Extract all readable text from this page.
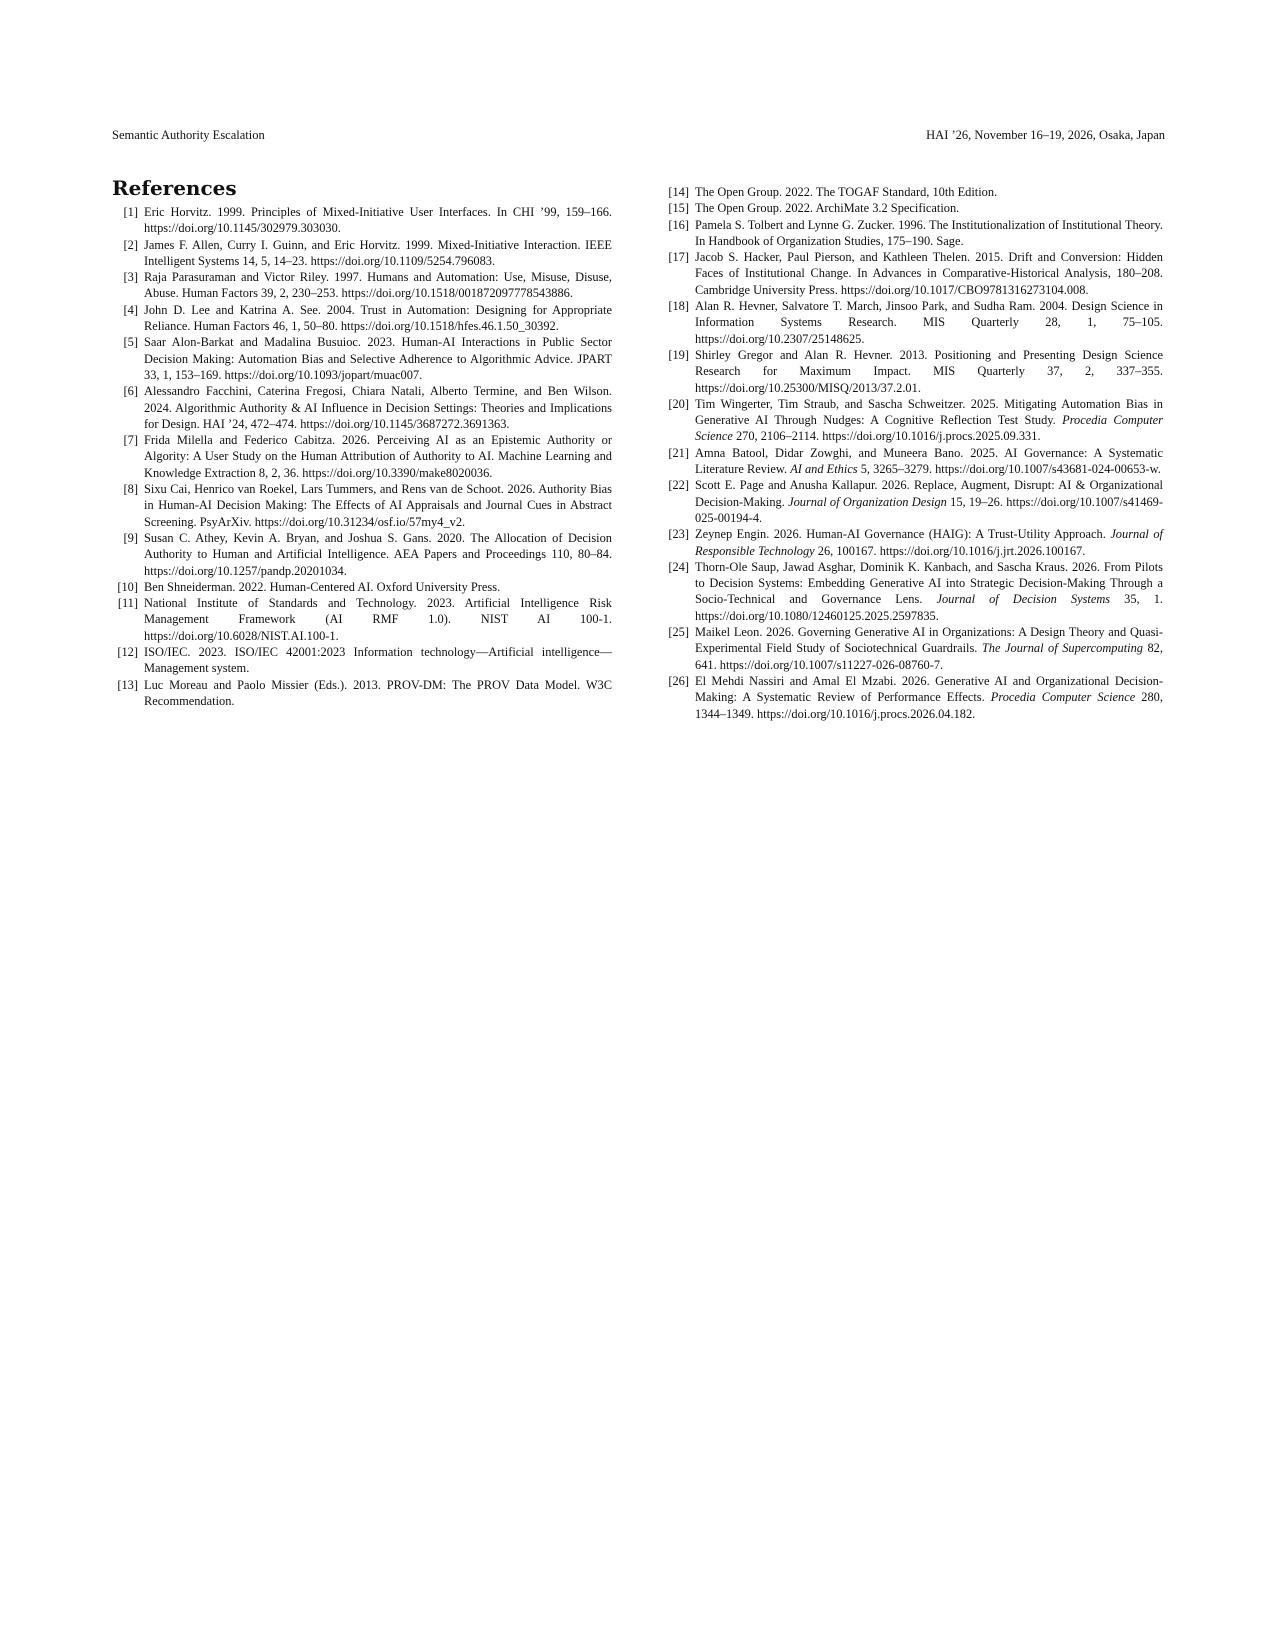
Semantic Authority Escalation	HAI ’26, November 16–19, 2026, Osaka, Japan
References
[1] Eric Horvitz. 1999. Principles of Mixed-Initiative User Interfaces. In CHI ’99, 159–166. https://doi.org/10.1145/302979.303030.
[2] James F. Allen, Curry I. Guinn, and Eric Horvitz. 1999. Mixed-Initiative Interaction. IEEE Intelligent Systems 14, 5, 14–23. https://doi.org/10.1109/5254.796083.
[3] Raja Parasuraman and Victor Riley. 1997. Humans and Automation: Use, Misuse, Disuse, Abuse. Human Factors 39, 2, 230–253. https://doi.org/10.1518/001872097778543886.
[4] John D. Lee and Katrina A. See. 2004. Trust in Automation: Designing for Appropriate Reliance. Human Factors 46, 1, 50–80. https://doi.org/10.1518/hfes.46.1.50_30392.
[5] Saar Alon-Barkat and Madalina Busuioc. 2023. Human-AI Interactions in Public Sector Decision Making: Automation Bias and Selective Adherence to Algorithmic Advice. JPART 33, 1, 153–169. https://doi.org/10.1093/jopart/muac007.
[6] Alessandro Facchini, Caterina Fregosi, Chiara Natali, Alberto Termine, and Ben Wilson. 2024. Algorithmic Authority & AI Influence in Decision Settings: Theories and Implications for Design. HAI ’24, 472–474. https://doi.org/10.1145/3687272.3691363.
[7] Frida Milella and Federico Cabitza. 2026. Perceiving AI as an Epistemic Authority or Algority: A User Study on the Human Attribution of Authority to AI. Machine Learning and Knowledge Extraction 8, 2, 36. https://doi.org/10.3390/make8020036.
[8] Sixu Cai, Henrico van Roekel, Lars Tummers, and Rens van de Schoot. 2026. Authority Bias in Human-AI Decision Making: The Effects of AI Appraisals and Journal Cues in Abstract Screening. PsyArXiv. https://doi.org/10.31234/osf.io/57my4_v2.
[9] Susan C. Athey, Kevin A. Bryan, and Joshua S. Gans. 2020. The Allocation of Decision Authority to Human and Artificial Intelligence. AEA Papers and Proceedings 110, 80–84. https://doi.org/10.1257/pandp.20201034.
[10] Ben Shneiderman. 2022. Human-Centered AI. Oxford University Press.
[11] National Institute of Standards and Technology. 2023. Artificial Intelligence Risk Management Framework (AI RMF 1.0). NIST AI 100-1. https://doi.org/10.6028/NIST.AI.100-1.
[12] ISO/IEC. 2023. ISO/IEC 42001:2023 Information technology—Artificial intelligence—Management system.
[13] Luc Moreau and Paolo Missier (Eds.). 2013. PROV-DM: The PROV Data Model. W3C Recommendation.
[14] The Open Group. 2022. The TOGAF Standard, 10th Edition.
[15] The Open Group. 2022. ArchiMate 3.2 Specification.
[16] Pamela S. Tolbert and Lynne G. Zucker. 1996. The Institutionalization of Institutional Theory. In Handbook of Organization Studies, 175–190. Sage.
[17] Jacob S. Hacker, Paul Pierson, and Kathleen Thelen. 2015. Drift and Conversion: Hidden Faces of Institutional Change. In Advances in Comparative-Historical Analysis, 180–208. Cambridge University Press. https://doi.org/10.1017/CBO9781316273104.008.
[18] Alan R. Hevner, Salvatore T. March, Jinsoo Park, and Sudha Ram. 2004. Design Science in Information Systems Research. MIS Quarterly 28, 1, 75–105. https://doi.org/10.2307/25148625.
[19] Shirley Gregor and Alan R. Hevner. 2013. Positioning and Presenting Design Science Research for Maximum Impact. MIS Quarterly 37, 2, 337–355. https://doi.org/10.25300/MISQ/2013/37.2.01.
[20] Tim Wingerter, Tim Straub, and Sascha Schweitzer. 2025. Mitigating Automation Bias in Generative AI Through Nudges: A Cognitive Reflection Test Study. Procedia Computer Science 270, 2106–2114. https://doi.org/10.1016/j.procs.2025.09.331.
[21] Amna Batool, Didar Zowghi, and Muneera Bano. 2025. AI Governance: A Systematic Literature Review. AI and Ethics 5, 3265–3279. https://doi.org/10.1007/s43681-024-00653-w.
[22] Scott E. Page and Anusha Kallapur. 2026. Replace, Augment, Disrupt: AI & Organizational Decision-Making. Journal of Organization Design 15, 19–26. https://doi.org/10.1007/s41469-025-00194-4.
[23] Zeynep Engin. 2026. Human-AI Governance (HAIG): A Trust-Utility Approach. Journal of Responsible Technology 26, 100167. https://doi.org/10.1016/j.jrt.2026.100167.
[24] Thorn-Ole Saup, Jawad Asghar, Dominik K. Kanbach, and Sascha Kraus. 2026. From Pilots to Decision Systems: Embedding Generative AI into Strategic Decision-Making Through a Socio-Technical and Governance Lens. Journal of Decision Systems 35, 1. https://doi.org/10.1080/12460125.2025.2597835.
[25] Maikel Leon. 2026. Governing Generative AI in Organizations: A Design Theory and Quasi-Experimental Field Study of Sociotechnical Guardrails. The Journal of Supercomputing 82, 641. https://doi.org/10.1007/s11227-026-08760-7.
[26] El Mehdi Nassiri and Amal El Mzabi. 2026. Generative AI and Organizational Decision-Making: A Systematic Review of Performance Effects. Procedia Computer Science 280, 1344–1349. https://doi.org/10.1016/j.procs.2026.04.182.
